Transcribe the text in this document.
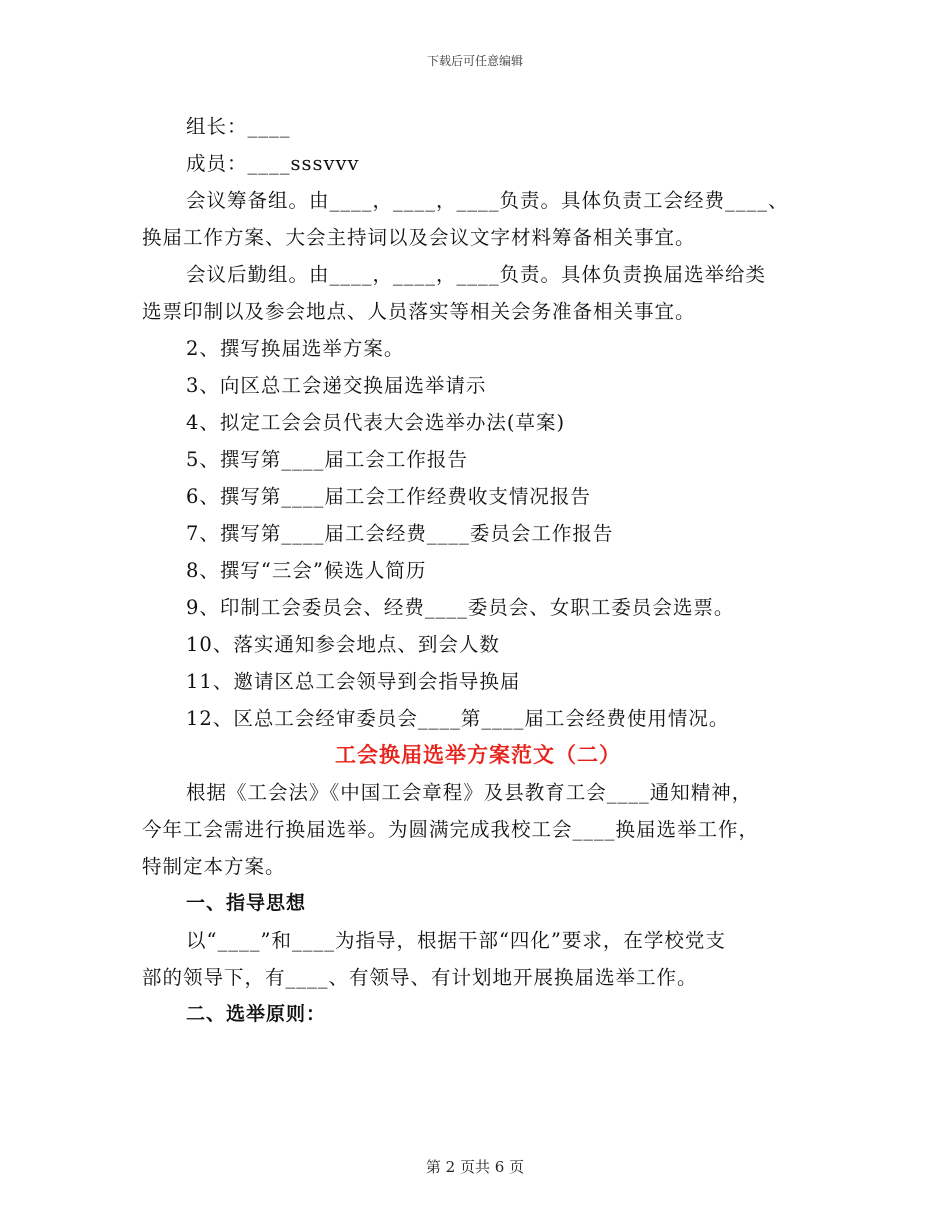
下载后可任意编辑

组长：____

成员：____sssvvv

会议筹备组。由____，____，____负责。具体负责工会经费____、

换届工作方案、大会主持词以及会议文字材料筹备相关事宜。

会议后勤组。由____，____，____负责。具体负责换届选举给类

选票印制以及参会地点、人员落实等相关会务准备相关事宜。

2、撰写换届选举方案。

3、向区总工会递交换届选举请示

4、拟定工会会员代表大会选举办法(草案)

5、撰写第____届工会工作报告

6、撰写第____届工会工作经费收支情况报告

7、撰写第____届工会经费____委员会工作报告

8、撰写“三会”候选人简历

9、印制工会委员会、经费____委员会、女职工委员会选票。

10、落实通知参会地点、到会人数

11、邀请区总工会领导到会指导换届

12、区总工会经审委员会____第____届工会经费使用情况。

工会换届选举方案范文（二）

根据《工会法》《中国工会章程》及县教育工会____通知精神，

今年工会需进行换届选举。为圆满完成我校工会____换届选举工作，

特制定本方案。

一、指导思想

以“____”和____为指导，根据干部“四化”要求，在学校党支

部的领导下，有____、有领导、有计划地开展换届选举工作。

二、选举原则：

第 2 页共 6 页
